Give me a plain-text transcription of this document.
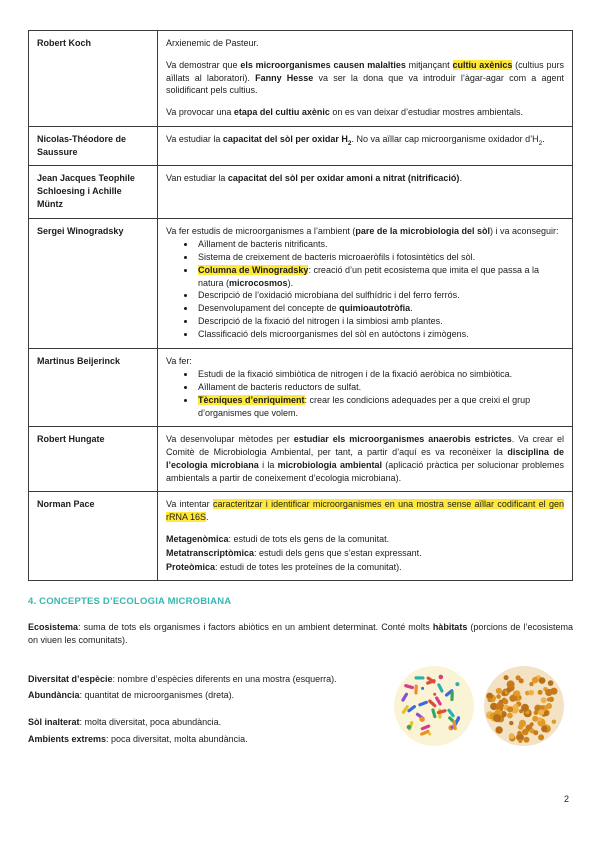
Robert Koch	Arxienemic de Pasteur.

Va demostrar que els microorganismes causen malalties mitjançant cultiu axènics (cultius purs aïllats al laboratori). Fanny Hesse va ser la dona que va introduir l’àgar-agar com a agent solidificant pels cultius.

Va provocar una etapa del cultiu axènic on es van deixar d’estudiar mostres ambientals.

Nicolas-Théodore de Saussure	Va estudiar la capacitat del sòl per oxidar $H_2$. No va aïllar cap microorganisme oxidador $d’H_2$.

Jean Jacques Teophile Schloesing i Achille Müntz	Van estudiar la capacitat del sòl per oxidar amoni a nitrat (nitrificació).

Sergei Winogradsky	Va fer estudis de microorganismes a l’ambient (pare de la microbiologia del sòl) i va aconseguir:

• Aïllament de bacteris nitrificants.
• Sistema de creixement de bacteris microaeròfils i fotosintètics del sòl.
• Columna de Winogradsky: creació d’un petit ecosistema que imita el que passa a la natura (microcosmos).
• Descripció de l’oxidació microbiana del sulfhídric i del ferro ferrós.
• Desenvolupament del concepte de quimioautotròfia.
• Descripció de la fixació del nitrogen i la simbiosi amb plantes.
• Classificació dels microorganismes del sòl en autòctons i zimògens.

Martinus Beijerinck	Va fer:

• Estudi de la fixació simbiòtica de nitrogen i de la fixació aeròbica no simbiòtica.
• Aïllament de bacteris reductors de sulfat.
• Tècniques d’enriquiment: crear les condicions adequades per a que creixi el grup d’organismes que volem.

Robert Hungate	Va desenvolupar mètodes per estudiar els microorganismes anaerobis estrictes. Va crear el Comitè de Microbiologia Ambiental, per tant, a partir d’aquí es va reconèixer la disciplina de l’ecologia microbiana i la microbiologia ambiental (aplicació pràctica per solucionar problemes ambientals a partir de coneixement d’ecologia microbiana).

Norman Pace	Va intentar caracteritzar i identificar microorganismes en una mostra sense aïllar codificant el gen rRNA 16S.

Metagenòmica: estudi de tots els gens de la comunitat.

Metatranscriptòmica: estudi dels gens que s’estan expressant.

Proteòmica: estudi de totes les proteïnes de la comunitat).

4. CONCEPTES D’ECOLOGIA MICROBIANA

Ecosistema: suma de tots els organismes i factors abiòtics en un ambient determinat. Conté molts hàbitats (porcions de l’ecosistema on viuen les comunitats).

Diversitat d’espècie: nombre d’espècies diferents en una mostra (esquerra).

Abundància: quantitat de microorganismes (dreta).

Sòl inalterat: molta diversitat, poca abundància.

Ambients extrems: poca diversitat, molta abundància.

2
